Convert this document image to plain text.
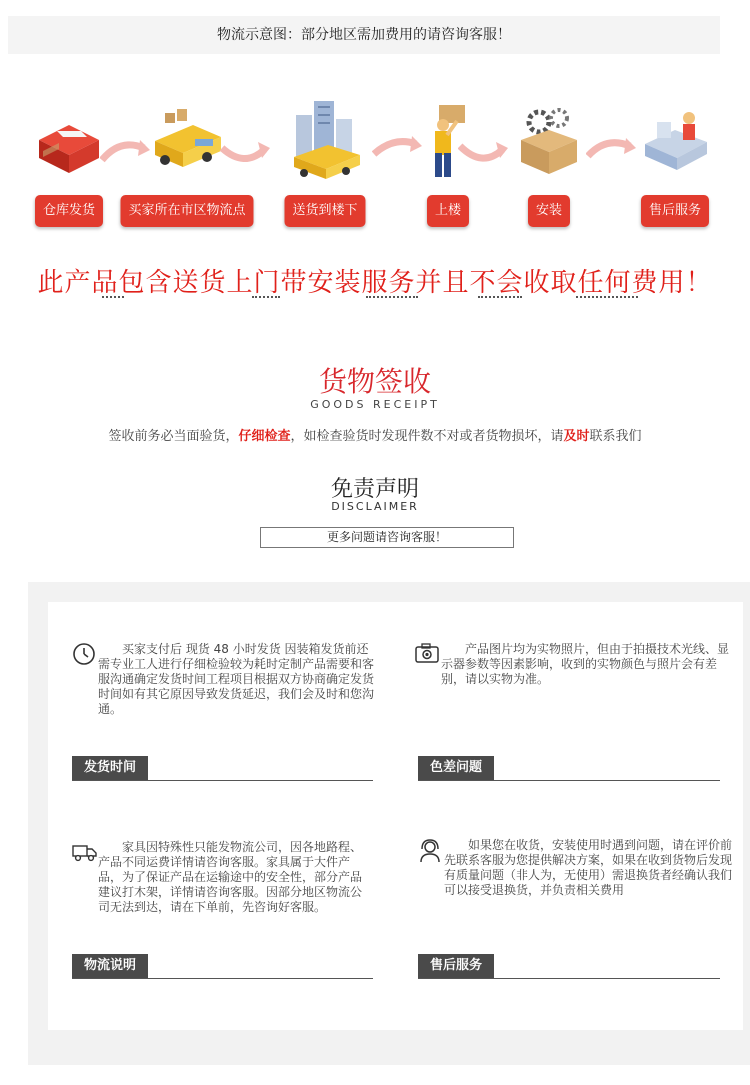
物流示意图：部分地区需加费用的请咨询客服！
仓库发货	买家所在市区物流点	送货到楼下	上楼	安装	售后服务
此产品包含送货上门带安装服务并且不会收取任何费用！
货物签收
GOODS RECEIPT
签收前务必当面验货，仔细检查，如检查验货时发现件数不对或者货物损坏，请及时联系我们
免责声明
DISCLAIMER
更多问题请咨询客服！
买家支付后 现货 48 小时发货 因装箱发货前还需专业工人进行仔细检验较为耗时定制产品需要和客服沟通确定发货时间工程项目根据双方协商确定发货时间如有其它原因导致发货延迟，我们会及时和您沟通。
发货时间
产品图片均为实物照片，但由于拍摄技术光线、显示器参数等因素影响，收到的实物颜色与照片会有差别，请以实物为准。
色差问题
家具因特殊性只能发物流公司，因各地路程、产品不同运费详情请咨询客服。家具属于大件产品，为了保证产品在运输途中的安全性，部分产品建议打木架，详情请咨询客服。因部分地区物流公司无法到达，请在下单前，先咨询好客服。
物流说明
如果您在收货，安装使用时遇到问题，请在评价前先联系客服为您提供解决方案，如果在收到货物后发现有质量问题（非人为，无使用）需退换货者经确认我们可以接受退换货，并负责相关费用
售后服务
